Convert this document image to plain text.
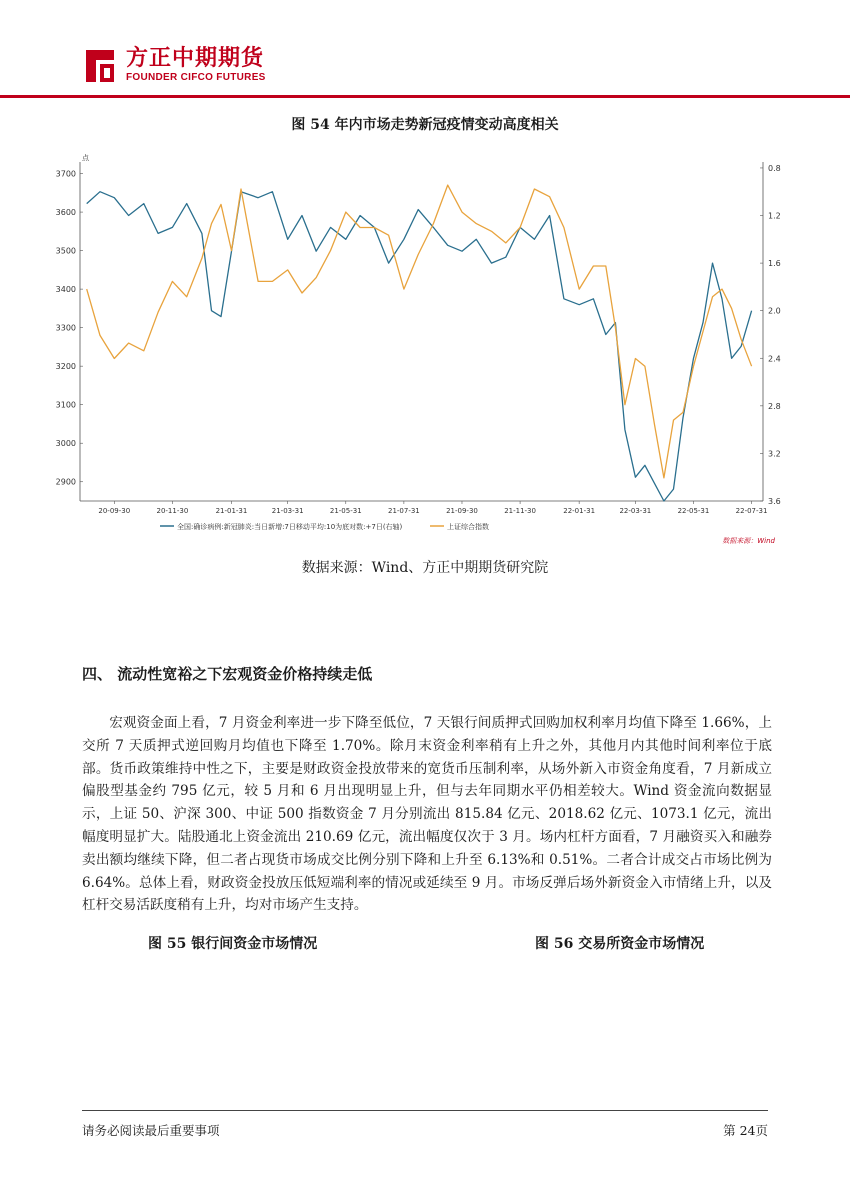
方正中期期货
FOUNDER CIFCO FUTURES
图 54 年内市场走势新冠疫情变动高度相关
点
2900
3000
3100
3200
3300
3400
3500
3600
3700
0.8
1.2
1.6
2.0
2.4
2.8
3.2
3.6
20-09-30	20-11-30	21-01-31	21-03-31	21-05-31	21-07-31	21-09-30	21-11-30	22-01-31	22-03-31	22-05-31	22-07-31
全国:确诊病例:新冠肺炎:当日新增:7日移动平均:10为底对数:+7日(右轴)	上证综合指数
数据来源：Wind
数据来源：Wind、方正中期期货研究院
四、 流动性宽裕之下宏观资金价格持续走低
宏观资金面上看，7 月资金利率进一步下降至低位，7 天银行间质押式回购加权利率月均值下降至 1.66%，上交所 7 天质押式逆回购月均值也下降至 1.70%。除月末资金利率稍有上升之外，其他月内其他时间利率位于底部。货币政策维持中性之下，主要是财政资金投放带来的宽货币压制利率，从场外新入市资金角度看，7 月新成立偏股型基金约 795 亿元，较 5 月和 6 月出现明显上升，但与去年同期水平仍相差较大。Wind 资金流向数据显示，上证 50、沪深 300、中证 500 指数资金 7 月分别流出 815.84 亿元、2018.62 亿元、1073.1 亿元，流出幅度明显扩大。陆股通北上资金流出 210.69 亿元，流出幅度仅次于 3 月。场内杠杆方面看，7 月融资买入和融券卖出额均继续下降，但二者占现货市场成交比例分别下降和上升至 6.13%和 0.51%。二者合计成交占市场比例为 6.64%。总体上看，财政资金投放压低短端利率的情况或延续至 9 月。市场反弹后场外新资金入市情绪上升，以及杠杆交易活跃度稍有上升，均对市场产生支持。
图 55 银行间资金市场情况	图 56 交易所资金市场情况
请务必阅读最后重要事项	第 24页
